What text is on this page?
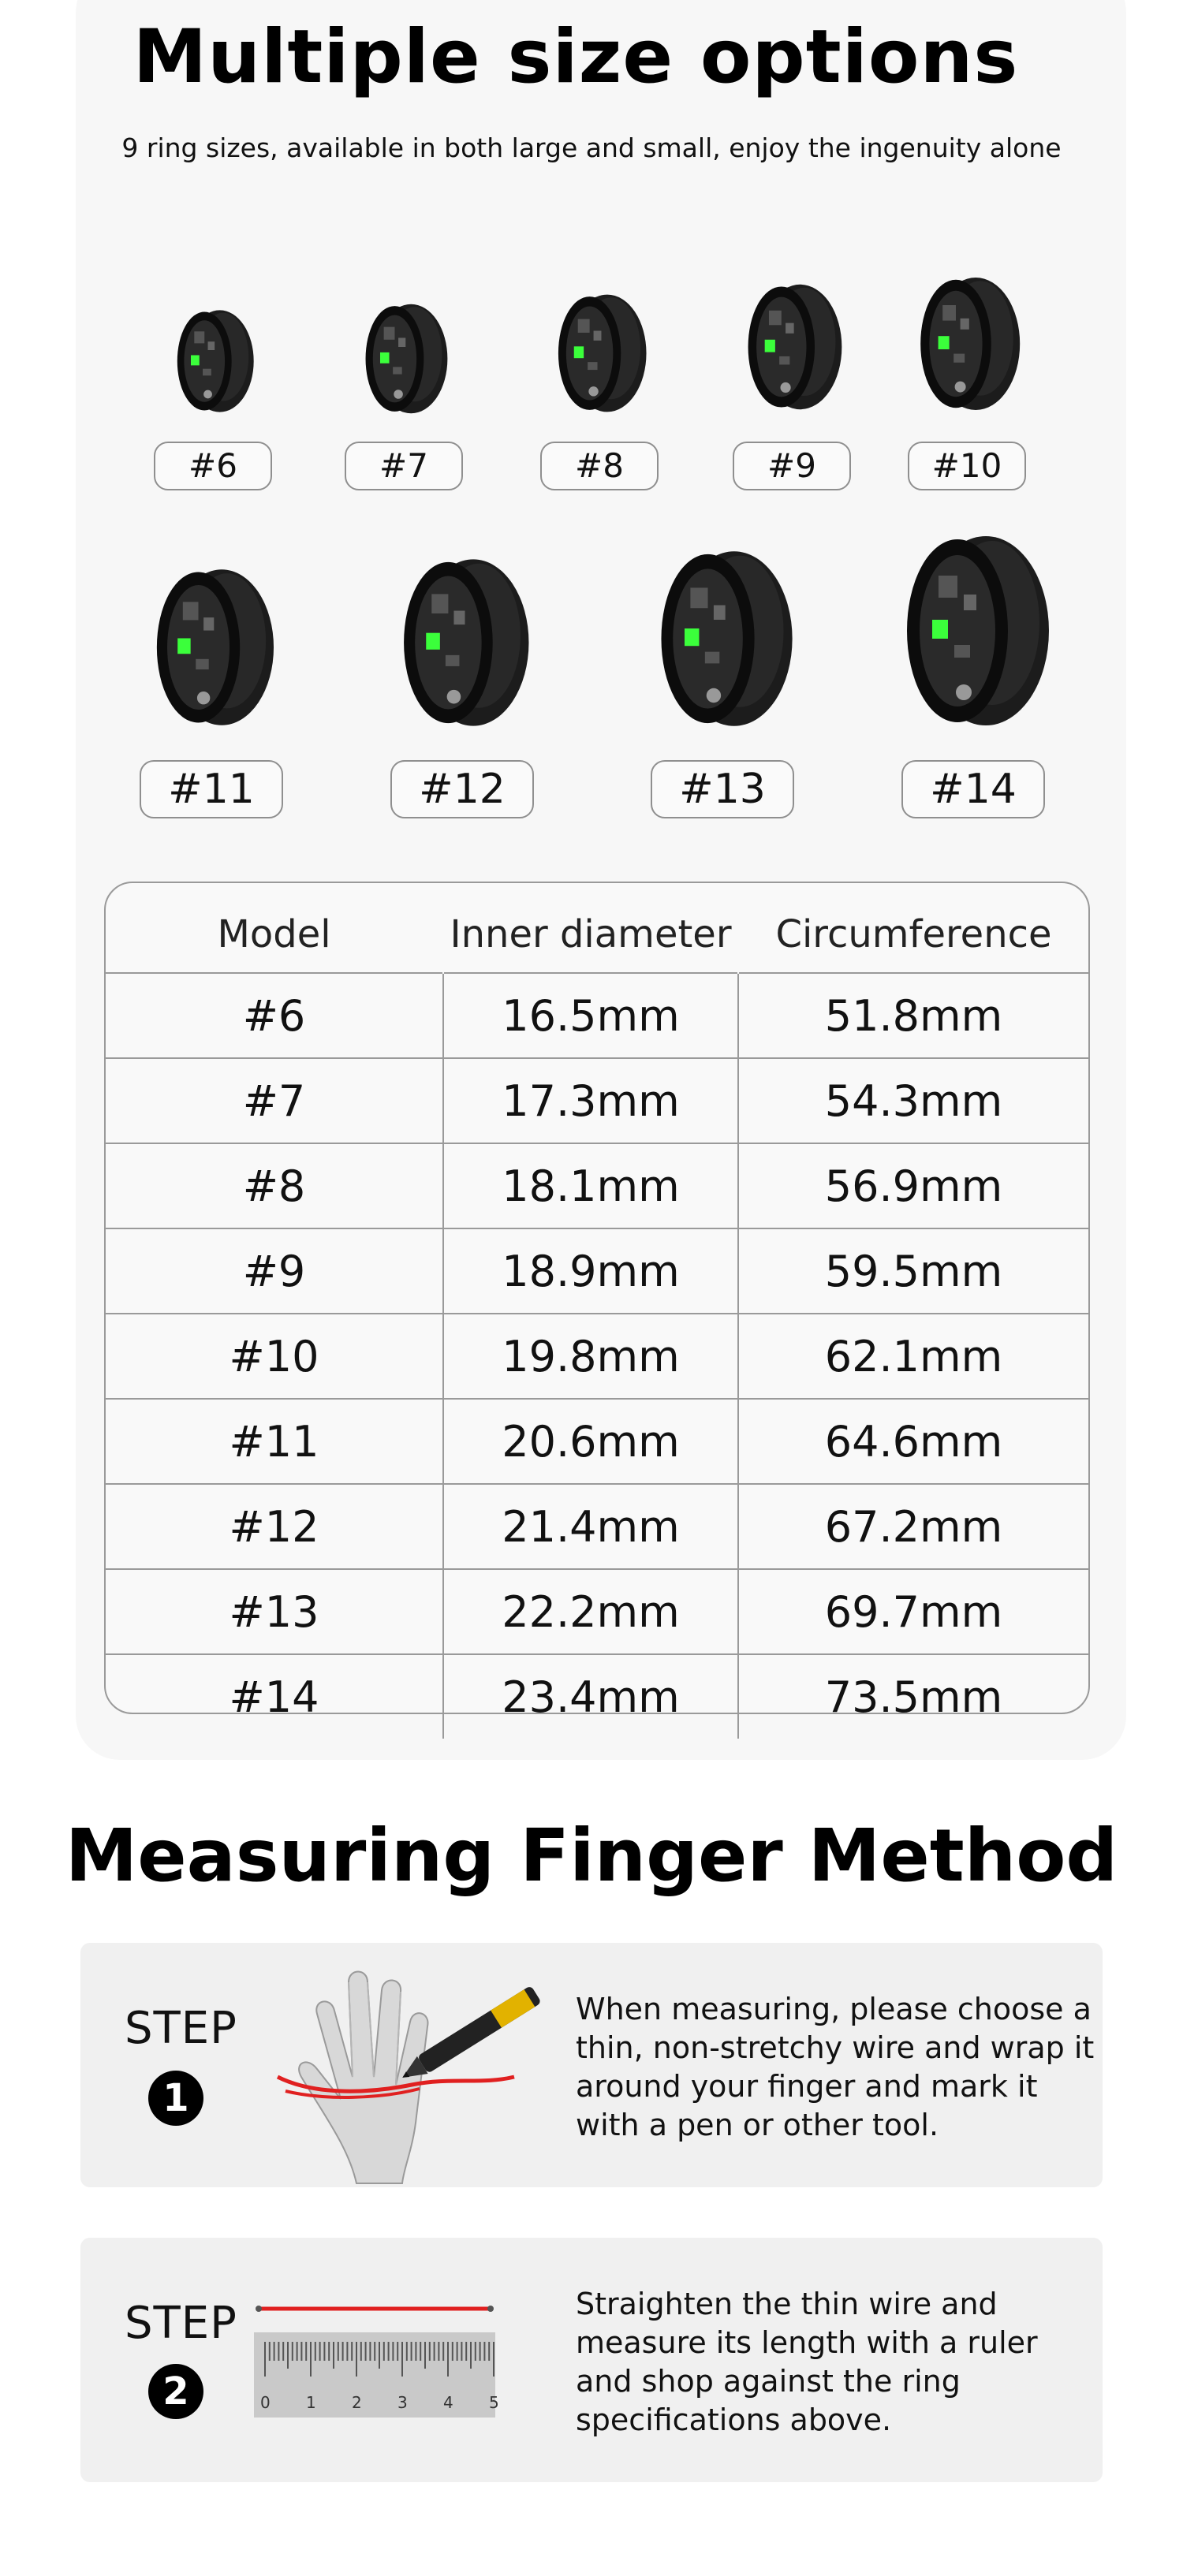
Multiple size options
9 ring sizes, available in both large and small, enjoy the ingenuity alone
#6	#7	#8	#9	#10
#11	#12	#13	#14
Model	Inner diameter	Circumference
#6	16.5mm	51.8mm
#7	17.3mm	54.3mm
#8	18.1mm	56.9mm
#9	18.9mm	59.5mm
#10	19.8mm	62.1mm
#11	20.6mm	64.6mm
#12	21.4mm	67.2mm
#13	22.2mm	69.7mm
#14	23.4mm	73.5mm
Measuring Finger Method
STEP
1
When measuring, please choose a thin, non-stretchy wire and wrap it around your finger and mark it with a pen or other tool.
STEP
2	0 1 2 3 4 5
Straighten the thin wire and measure its length with a ruler and shop against the ring specifications above.
